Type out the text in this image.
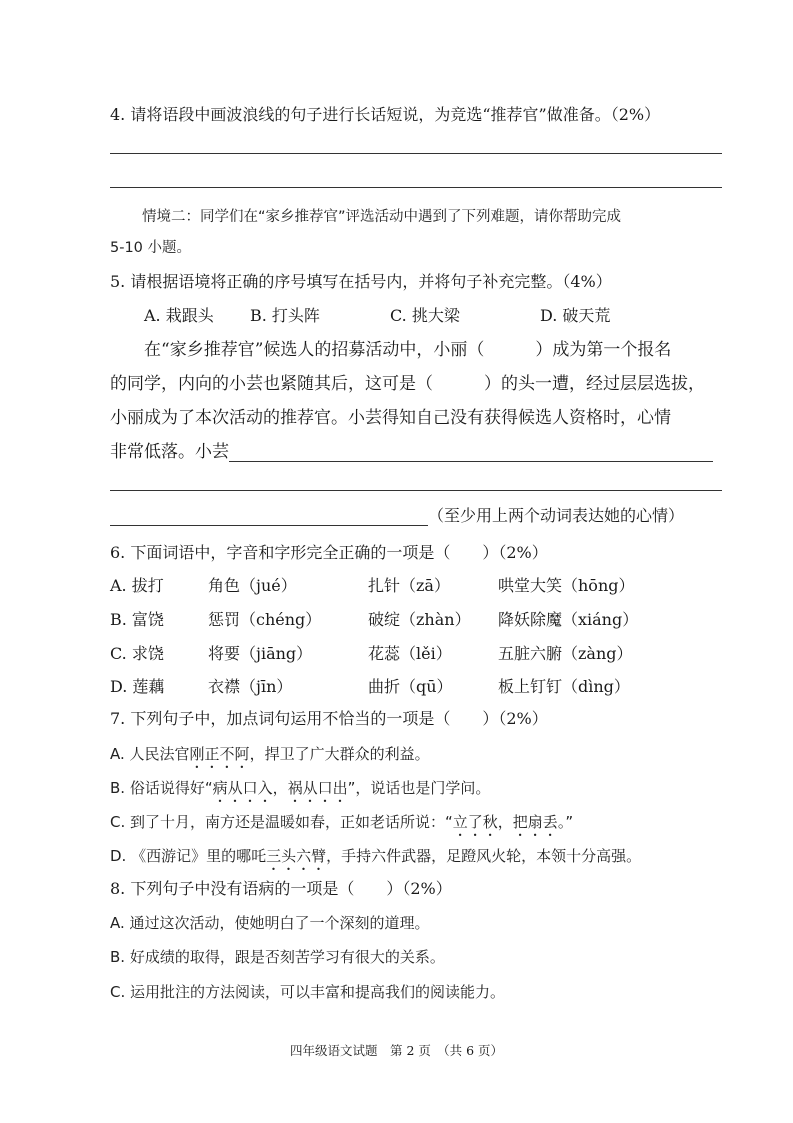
4. 请将语段中画波浪线的句子进行长话短说，为竞选“推荐官”做准备。（2%）
情境二：同学们在“家乡推荐官”评选活动中遇到了下列难题，请你帮助完成
5-10 小题。
5. 请根据语境将正确的序号填写在括号内，并将句子补充完整。（4%）
A. 栽跟头 B. 打头阵	C. 挑大梁	D. 破天荒
在“家乡推荐官”候选人的招募活动中，小丽（　　　）成为第一个报名
的同学，内向的小芸也紧随其后，这可是（　　　）的头一遭，经过层层选拔，
小丽成为了本次活动的推荐官。小芸得知自己没有获得候选人资格时，心情
非常低落。小芸
（至少用上两个动词表达她的心情）
6. 下面词语中，字音和字形完全正确的一项是（　　）（2%）
A. 拔打	角色（jué）	扎针（zā）	哄堂大笑（hōng）
B. 富饶	惩罚（chéng）	破绽（zhàn） 降妖除魔（xiáng）
C. 求饶	将要（jiāng）	花蕊（lěi）	五脏六腑（zàng）
D. 莲藕	衣襟（jīn）	曲折（qū）	板上钉钉（dìng）
7. 下列句子中，加点词句运用不恰当的一项是（　　）（2%）
A. 人民法官刚正不阿，捍卫了广大群众的利益。
B. 俗话说得好“病从口入，祸从口出”，说话也是门学问。
C. 到了十月，南方还是温暖如春，正如老话所说：“立了秋，把扇丢。”
D. 《西游记》里的哪吒三头六臂，手持六件武器，足蹬风火轮，本领十分高强。
8. 下列句子中没有语病的一项是（　　）（2%）
A. 通过这次活动，使她明白了一个深刻的道理。
B. 好成绩的取得，跟是否刻苦学习有很大的关系。
C. 运用批注的方法阅读，可以丰富和提高我们的阅读能力。
四年级语文试题　第 2 页　（共 6 页）
